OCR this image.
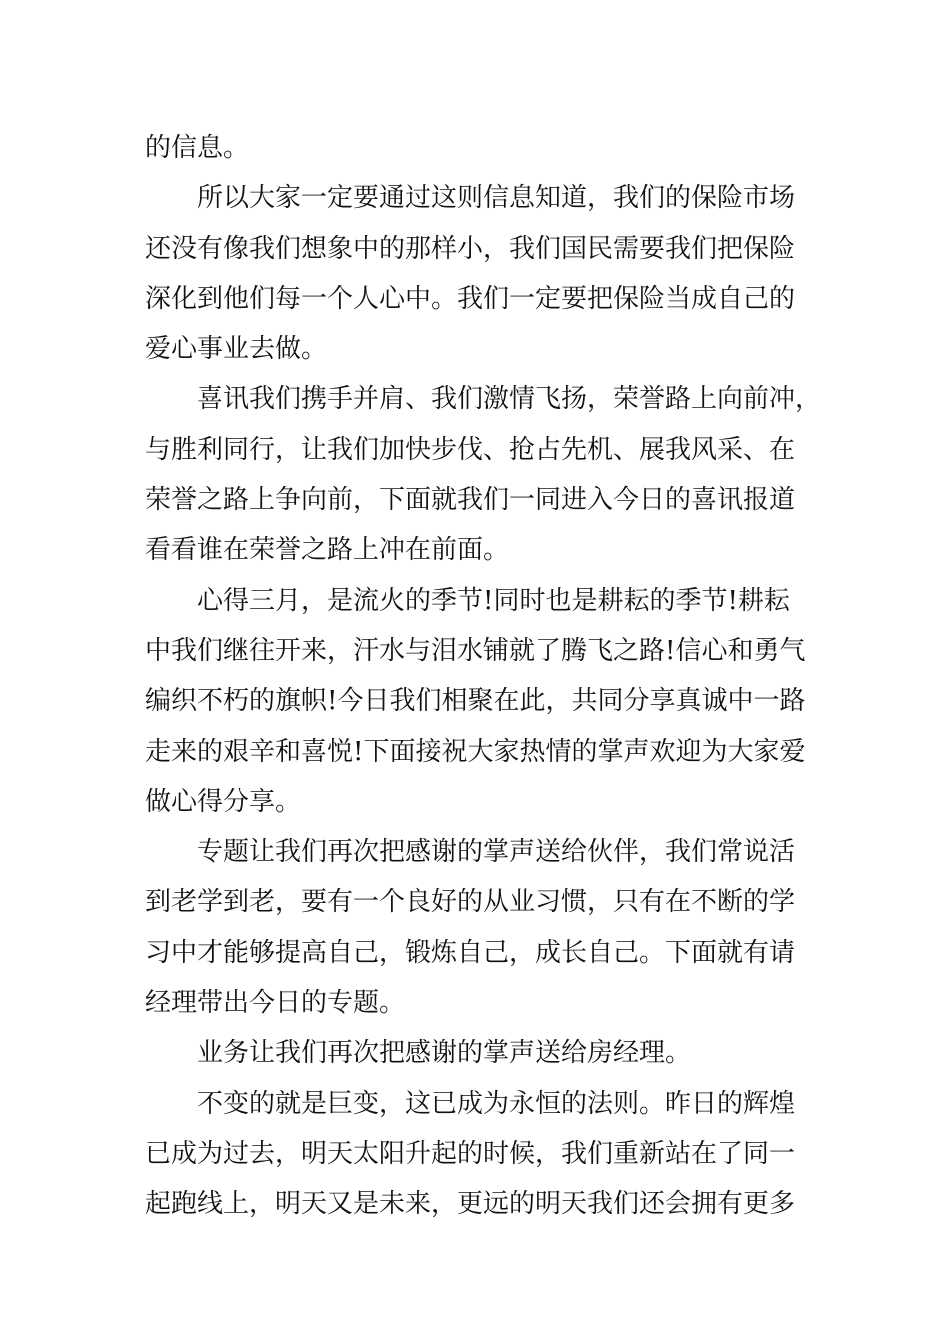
的信息。
所以大家一定要通过这则信息知道，我们的保险市场
还没有像我们想象中的那样小，我们国民需要我们把保险
深化到他们每一个人心中。我们一定要把保险当成自己的
爱心事业去做。
喜讯我们携手并肩、我们激情飞扬，荣誉路上向前冲，
与胜利同行，让我们加快步伐、抢占先机、展我风采、在
荣誉之路上争向前，下面就我们一同进入今日的喜讯报道
看看谁在荣誉之路上冲在前面。
心得三月，是流火的季节!同时也是耕耘的季节!耕耘
中我们继往开来，汗水与泪水铺就了腾飞之路!信心和勇气
编织不朽的旗帜!今日我们相聚在此，共同分享真诚中一路
走来的艰辛和喜悦!下面接祝大家热情的掌声欢迎为大家爱
做心得分享。
专题让我们再次把感谢的掌声送给伙伴，我们常说活
到老学到老，要有一个良好的从业习惯，只有在不断的学
习中才能够提高自己，锻炼自己，成长自己。下面就有请
经理带出今日的专题。
业务让我们再次把感谢的掌声送给房经理。
不变的就是巨变，这已成为永恒的法则。昨日的辉煌
已成为过去，明天太阳升起的时候，我们重新站在了同一
起跑线上，明天又是未来，更远的明天我们还会拥有更多
